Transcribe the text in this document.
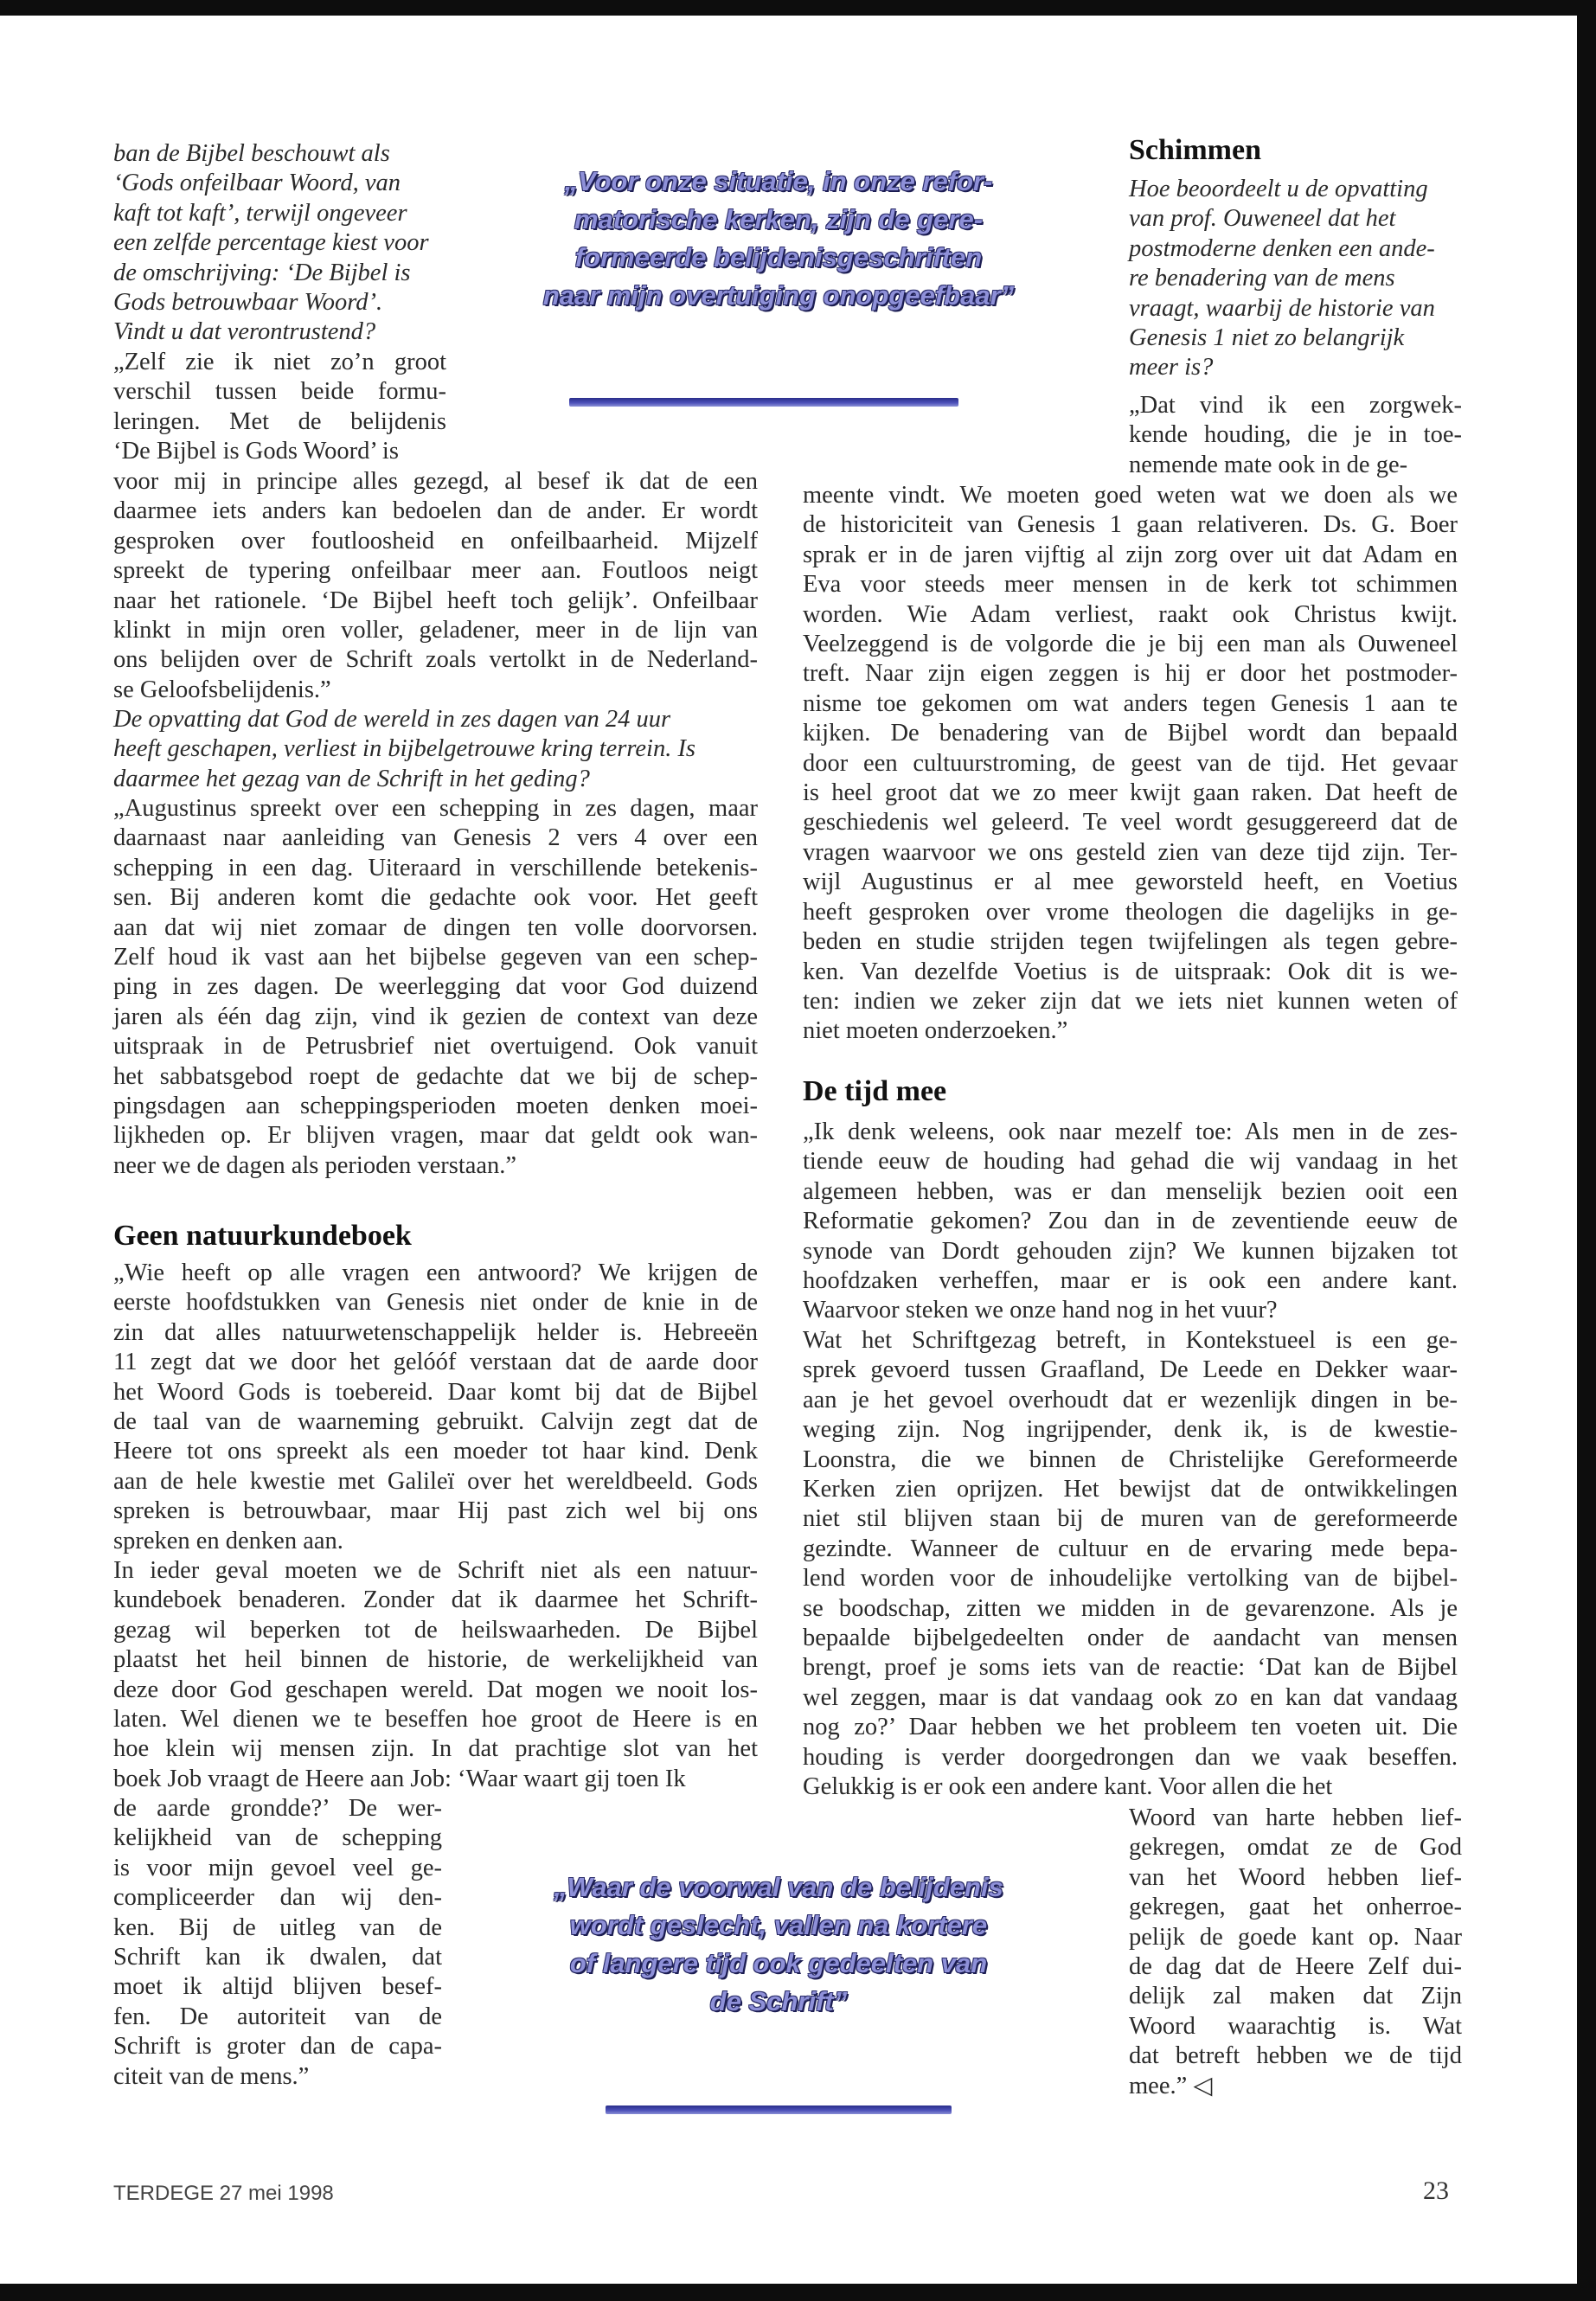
ban de Bijbel beschouwt als
‘Gods onfeilbaar Woord, van
kaft tot kaft’, terwijl ongeveer
een zelfde percentage kiest voor
de omschrijving: ‘De Bijbel is
Gods betrouwbaar Woord’.
Vindt u dat verontrustend?
„Zelf zie ik niet zo’n groot
verschil tussen beide formu-
leringen. Met de belijdenis
‘De Bijbel is Gods Woord’ is
voor mij in principe alles gezegd, al besef ik dat de een
daarmee iets anders kan bedoelen dan de ander. Er wordt
gesproken over foutloosheid en onfeilbaarheid. Mijzelf
spreekt de typering onfeilbaar meer aan. Foutloos neigt
naar het rationele. ‘De Bijbel heeft toch gelijk’. Onfeilbaar
klinkt in mijn oren voller, geladener, meer in de lijn van
ons belijden over de Schrift zoals vertolkt in de Nederland-
se Geloofsbelijdenis.”
De opvatting dat God de wereld in zes dagen van 24 uur
heeft geschapen, verliest in bijbelgetrouwe kring terrein. Is
daarmee het gezag van de Schrift in het geding?
„Augustinus spreekt over een schepping in zes dagen, maar
daarnaast naar aanleiding van Genesis 2 vers 4 over een
schepping in een dag. Uiteraard in verschillende betekenis-
sen. Bij anderen komt die gedachte ook voor. Het geeft
aan dat wij niet zomaar de dingen ten volle doorvorsen.
Zelf houd ik vast aan het bijbelse gegeven van een schep-
ping in zes dagen. De weerlegging dat voor God duizend
jaren als één dag zijn, vind ik gezien de context van deze
uitspraak in de Petrusbrief niet overtuigend. Ook vanuit
het sabbatsgebod roept de gedachte dat we bij de schep-
pingsdagen aan scheppingsperioden moeten denken moei-
lijkheden op. Er blijven vragen, maar dat geldt ook wan-
neer we de dagen als perioden verstaan.”
Geen natuurkundeboek
„Wie heeft op alle vragen een antwoord? We krijgen de
eerste hoofdstukken van Genesis niet onder de knie in de
zin dat alles natuurwetenschappelijk helder is. Hebreeën
11 zegt dat we door het gelóóf verstaan dat de aarde door
het Woord Gods is toebereid. Daar komt bij dat de Bijbel
de taal van de waarneming gebruikt. Calvijn zegt dat de
Heere tot ons spreekt als een moeder tot haar kind. Denk
aan de hele kwestie met Galileï over het wereldbeeld. Gods
spreken is betrouwbaar, maar Hij past zich wel bij ons
spreken en denken aan.
In ieder geval moeten we de Schrift niet als een natuur-
kundeboek benaderen. Zonder dat ik daarmee het Schrift-
gezag wil beperken tot de heilswaarheden. De Bijbel
plaatst het heil binnen de historie, de werkelijkheid van
deze door God geschapen wereld. Dat mogen we nooit los-
laten. Wel dienen we te beseffen hoe groot de Heere is en
hoe klein wij mensen zijn. In dat prachtige slot van het
boek Job vraagt de Heere aan Job: ‘Waar waart gij toen Ik
de aarde grondde?’ De wer-
kelijkheid van de schepping
is voor mijn gevoel veel ge-
compliceerder dan wij den-
ken. Bij de uitleg van de
Schrift kan ik dwalen, dat
moet ik altijd blijven besef-
fen. De autoriteit van de
Schrift is groter dan de capa-
citeit van de mens.”
„Voor onze situatie, in onze refor-
matorische kerken, zijn de gere-
formeerde belijdenisgeschriften
naar mijn overtuiging onopgeefbaar”
„Waar de voorwal van de belijdenis
wordt geslecht, vallen na kortere
of langere tijd ook gedeelten van
de Schrift”
Schimmen
Hoe beoordeelt u de opvatting
van prof. Ouweneel dat het
postmoderne denken een ande-
re benadering van de mens
vraagt, waarbij de historie van
Genesis 1 niet zo belangrijk
meer is?
„Dat vind ik een zorgwek-
kende houding, die je in toe-
nemende mate ook in de ge-
meente vindt. We moeten goed weten wat we doen als we
de historiciteit van Genesis 1 gaan relativeren. Ds. G. Boer
sprak er in de jaren vijftig al zijn zorg over uit dat Adam en
Eva voor steeds meer mensen in de kerk tot schimmen
worden. Wie Adam verliest, raakt ook Christus kwijt.
Veelzeggend is de volgorde die je bij een man als Ouweneel
treft. Naar zijn eigen zeggen is hij er door het postmoder-
nisme toe gekomen om wat anders tegen Genesis 1 aan te
kijken. De benadering van de Bijbel wordt dan bepaald
door een cultuurstroming, de geest van de tijd. Het gevaar
is heel groot dat we zo meer kwijt gaan raken. Dat heeft de
geschiedenis wel geleerd. Te veel wordt gesuggereerd dat de
vragen waarvoor we ons gesteld zien van deze tijd zijn. Ter-
wijl Augustinus er al mee geworsteld heeft, en Voetius
heeft gesproken over vrome theologen die dagelijks in ge-
beden en studie strijden tegen twijfelingen als tegen gebre-
ken. Van dezelfde Voetius is de uitspraak: Ook dit is we-
ten: indien we zeker zijn dat we iets niet kunnen weten of
niet moeten onderzoeken.”
De tijd mee
„Ik denk weleens, ook naar mezelf toe: Als men in de zes-
tiende eeuw de houding had gehad die wij vandaag in het
algemeen hebben, was er dan menselijk bezien ooit een
Reformatie gekomen? Zou dan in de zeventiende eeuw de
synode van Dordt gehouden zijn? We kunnen bijzaken tot
hoofdzaken verheffen, maar er is ook een andere kant.
Waarvoor steken we onze hand nog in het vuur?
Wat het Schriftgezag betreft, in Kontekstueel is een ge-
sprek gevoerd tussen Graafland, De Leede en Dekker waar-
aan je het gevoel overhoudt dat er wezenlijk dingen in be-
weging zijn. Nog ingrijpender, denk ik, is de kwestie-
Loonstra, die we binnen de Christelijke Gereformeerde
Kerken zien oprijzen. Het bewijst dat de ontwikkelingen
niet stil blijven staan bij de muren van de gereformeerde
gezindte. Wanneer de cultuur en de ervaring mede bepa-
lend worden voor de inhoudelijke vertolking van de bijbel-
se boodschap, zitten we midden in de gevarenzone. Als je
bepaalde bijbelgedeelten onder de aandacht van mensen
brengt, proef je soms iets van de reactie: ‘Dat kan de Bijbel
wel zeggen, maar is dat vandaag ook zo en kan dat vandaag
nog zo?’ Daar hebben we het probleem ten voeten uit. Die
houding is verder doorgedrongen dan we vaak beseffen.
Gelukkig is er ook een andere kant. Voor allen die het
Woord van harte hebben lief-
gekregen, omdat ze de God
van het Woord hebben lief-
gekregen, gaat het onherroe-
pelijk de goede kant op. Naar
de dag dat de Heere Zelf dui-
delijk zal maken dat Zijn
Woord waarachtig is. Wat
dat betreft hebben we de tijd
mee.” ◁
TERDEGE 27 mei 1998	23
